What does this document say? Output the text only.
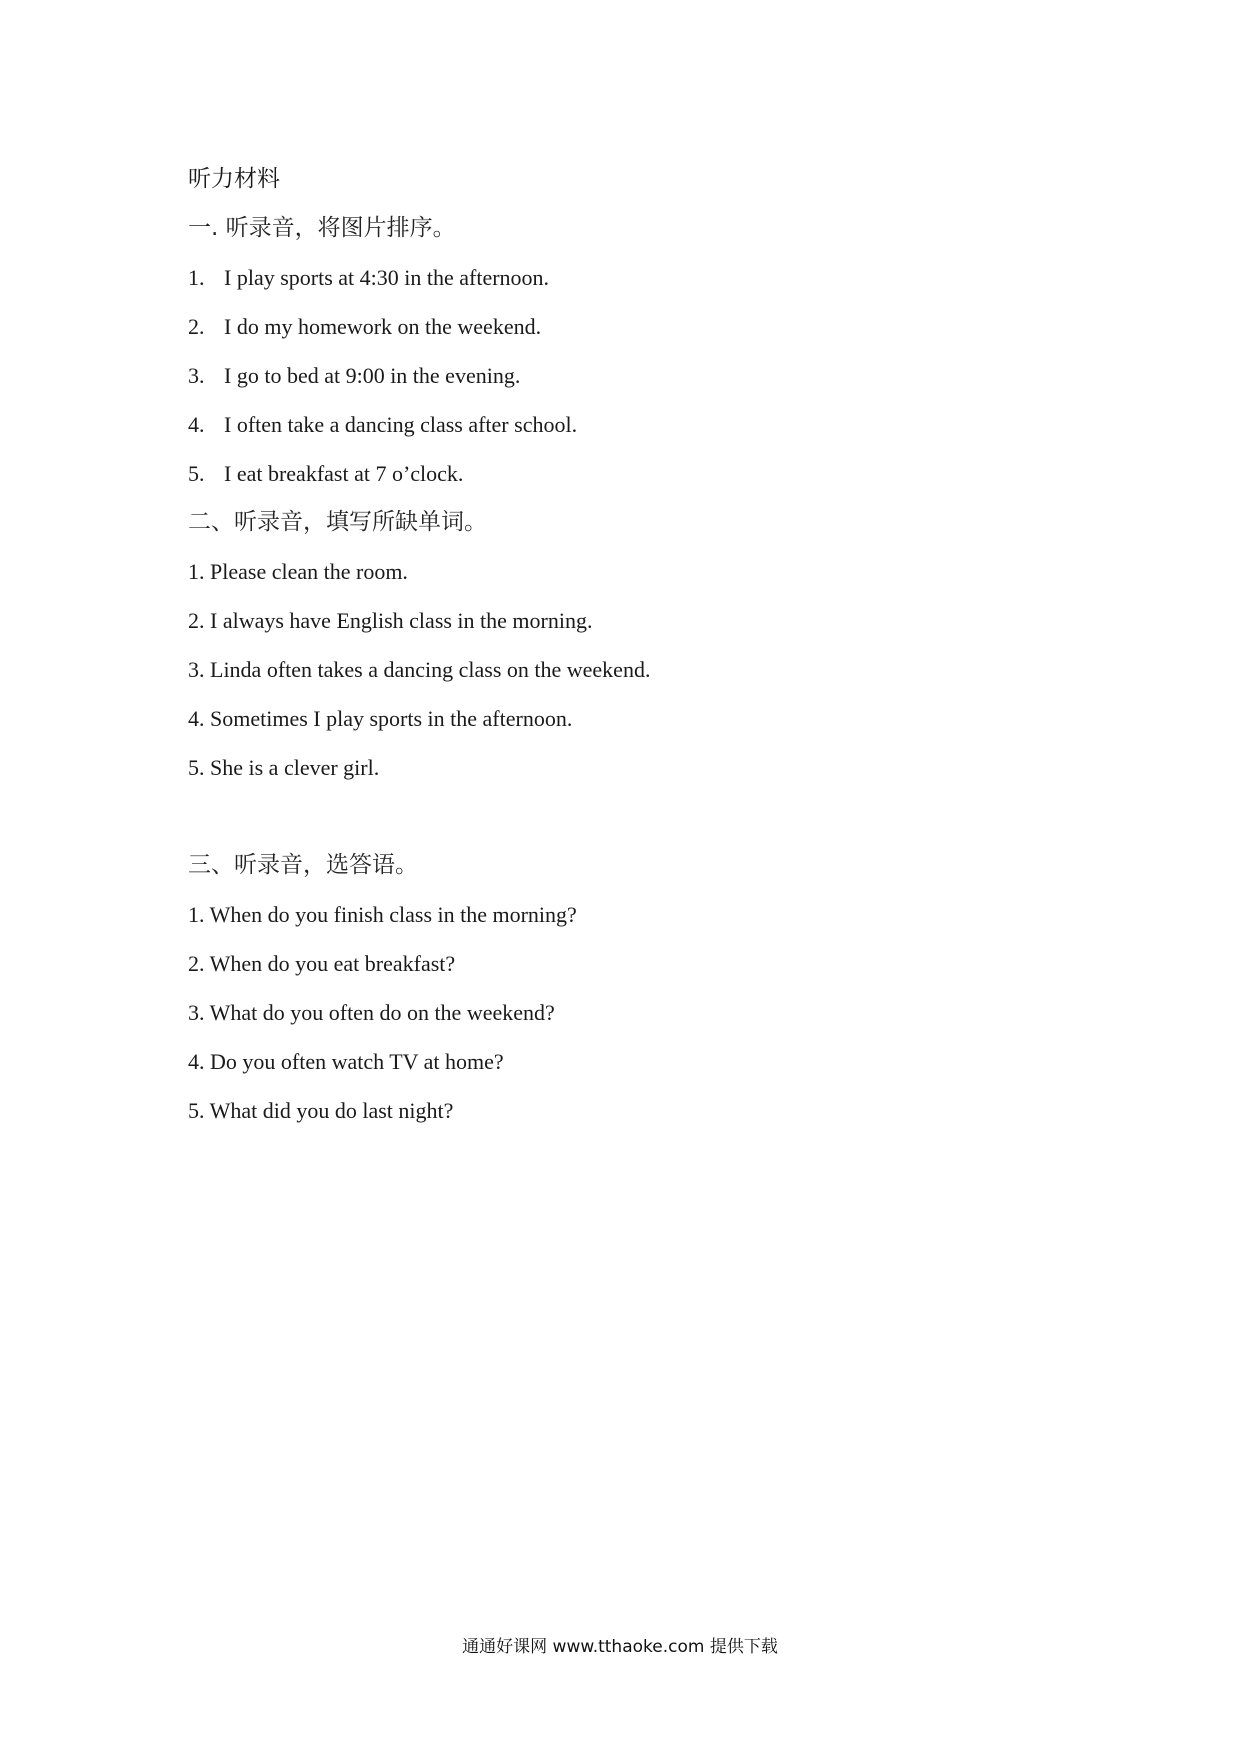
听力材料
一. 听录音，将图片排序。
1. I play sports at 4:30 in the afternoon.
2. I do my homework on the weekend.
3. I go to bed at 9:00 in the evening.
4. I often take a dancing class after school.
5. I eat breakfast at 7 o’clock.
二、听录音，填写所缺单词。
1. Please clean the room.
2. I always have English class in the morning.
3. Linda often takes a dancing class on the weekend.
4. Sometimes I play sports in the afternoon.
5. She is a clever girl.
三、听录音，选答语。
1. When do you finish class in the morning?
2. When do you eat breakfast?
3. What do you often do on the weekend?
4. Do you often watch TV at home?
5. What did you do last night?
通通好课网 www.tthaoke.com 提供下载
